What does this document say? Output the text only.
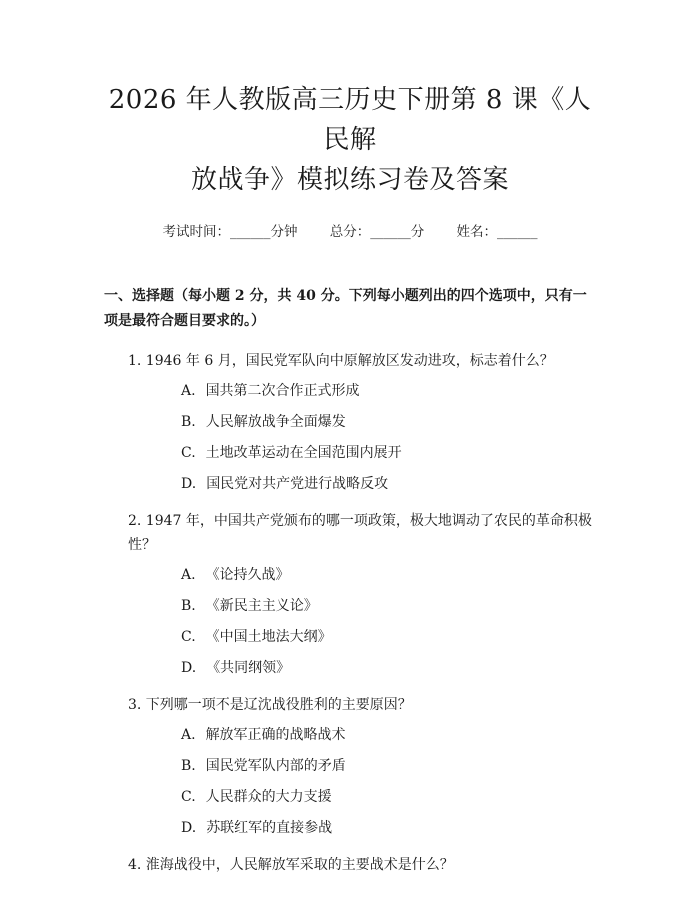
2026 年人教版高三历史下册第 8 课《人民解
放战争》模拟练习卷及答案
考试时间：______分钟 总分：______分 姓名：______
一、选择题（每小题 2 分，共 40 分。下列每小题列出的四个选项中，只有一项是最符合题目要求的。）
1. 1946 年 6 月，国民党军队向中原解放区发动进攻，标志着什么？
A. 国共第二次合作正式形成
B. 人民解放战争全面爆发
C. 土地改革运动在全国范围内展开
D. 国民党对共产党进行战略反攻
2. 1947 年，中国共产党颁布的哪一项政策，极大地调动了农民的革命积极性？
A. 《论持久战》
B. 《新民主主义论》
C. 《中国土地法大纲》
D. 《共同纲领》
3. 下列哪一项不是辽沈战役胜利的主要原因？
A. 解放军正确的战略战术
B. 国民党军队内部的矛盾
C. 人民群众的大力支援
D. 苏联红军的直接参战
4. 淮海战役中，人民解放军采取的主要战术是什么？
